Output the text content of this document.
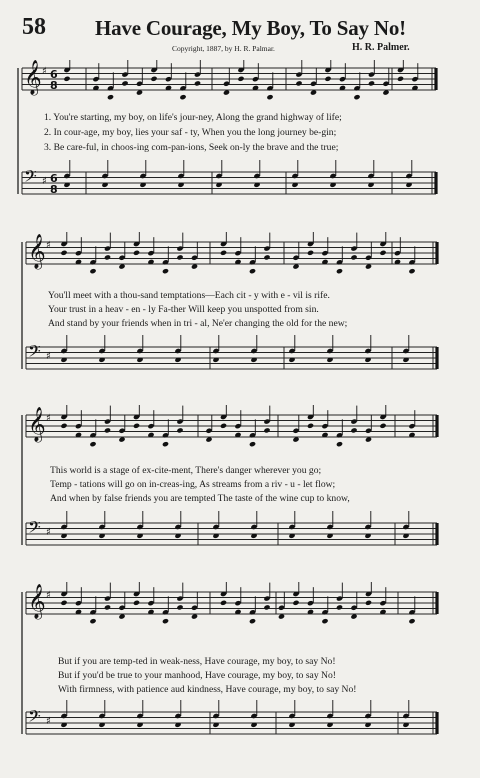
58 Have Courage, My Boy, To Say No!
Copyright, 1887, by H. R. Palmar.	H. R. Palmer.
𝄞 ♯ 6
8
𝄢 ♯ 6
8
1. You're starting, my boy, on life's jour-ney, Along the grand highway of life;
2. In cour-age, my boy, lies your saf - ty, When you the long journey be-gin;
3. Be care-ful, in choos-ing com-pan-ions, Seek on-ly the brave and the true;
𝄞 ♯
𝄢 ♯
You'll meet with a thou-sand temptations—Each cit - y with e - vil is rife.
Your trust in a heav - en - ly Fa-ther Will keep you unspotted from sin.
And stand by your friends when in tri - al, Ne'er changing the old for the new;
𝄞 ♯
𝄢 ♯
This world is a stage of ex-cite-ment, There's danger wherever you go;
Temp - tations will go on in-creas-ing, As streams from a riv - u - let flow;
And when by false friends you are tempted The taste of the wine cup to know,
𝄞 ♯
𝄢 ♯
But if you are temp-ted in weak-ness, Have courage, my boy, to say No!
But if you'd be true to your manhood, Have courage, my boy, to say No!
With firmness, with patience aud kindness, Have courage, my boy, to say No!
